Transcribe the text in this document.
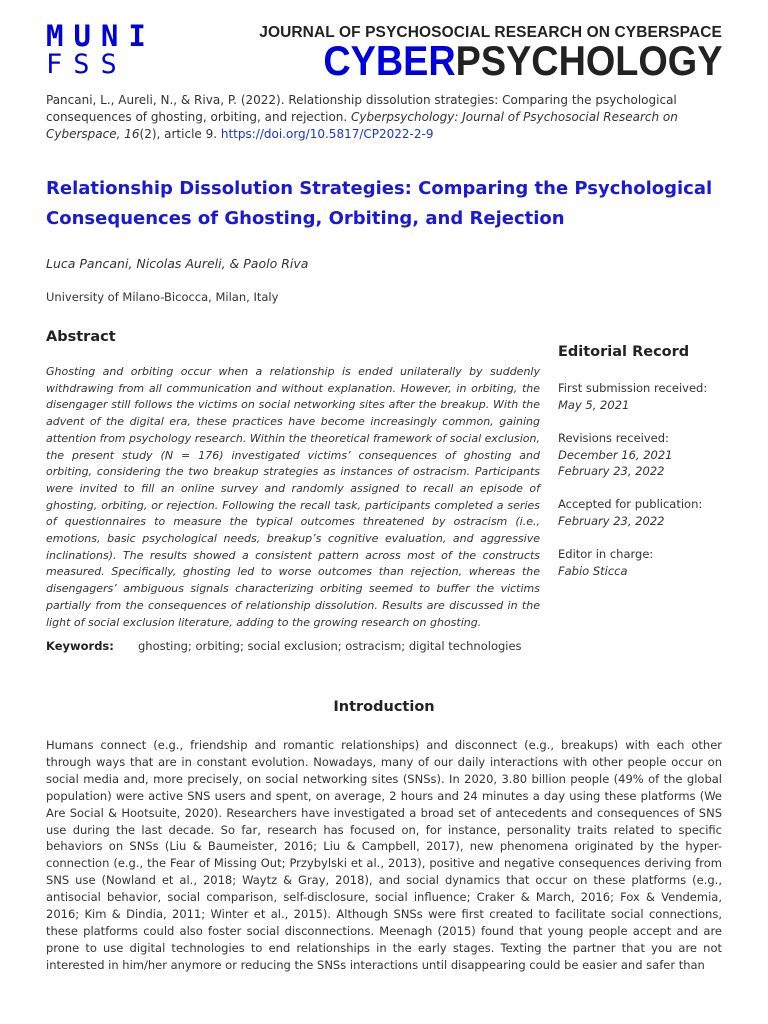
MUNI
FSS
JOURNAL OF PSYCHOSOCIAL RESEARCH ON CYBERSPACE
CYBERPSYCHOLOGY
Pancani, L., Aureli, N., & Riva, P. (2022). Relationship dissolution strategies: Comparing the psychological consequences of ghosting, orbiting, and rejection. Cyberpsychology: Journal of Psychosocial Research on Cyberspace, 16(2), article 9. https://doi.org/10.5817/CP2022-2-9
Relationship Dissolution Strategies: Comparing the Psychological Consequences of Ghosting, Orbiting, and Rejection
Luca Pancani, Nicolas Aureli, & Paolo Riva
University of Milano-Bicocca, Milan, Italy
Abstract
Ghosting and orbiting occur when a relationship is ended unilaterally by suddenly withdrawing from all communication and without explanation. However, in orbiting, the disengager still follows the victims on social networking sites after the breakup. With the advent of the digital era, these practices have become increasingly common, gaining attention from psychology research. Within the theoretical framework of social exclusion, the present study (N = 176) investigated victims’ consequences of ghosting and orbiting, considering the two breakup strategies as instances of ostracism. Participants were invited to fill an online survey and randomly assigned to recall an episode of ghosting, orbiting, or rejection. Following the recall task, participants completed a series of questionnaires to measure the typical outcomes threatened by ostracism (i.e., emotions, basic psychological needs, breakup’s cognitive evaluation, and aggressive inclinations). The results showed a consistent pattern across most of the constructs measured. Specifically, ghosting led to worse outcomes than rejection, whereas the disengagers’ ambiguous signals characterizing orbiting seemed to buffer the victims partially from the consequences of relationship dissolution. Results are discussed in the light of social exclusion literature, adding to the growing research on ghosting.
Keywords: ghosting; orbiting; social exclusion; ostracism; digital technologies
Editorial Record
First submission received:
May 5, 2021
Revisions received:
December 16, 2021
February 23, 2022
Accepted for publication:
February 23, 2022
Editor in charge:
Fabio Sticca
Introduction
Humans connect (e.g., friendship and romantic relationships) and disconnect (e.g., breakups) with each other through ways that are in constant evolution. Nowadays, many of our daily interactions with other people occur on social media and, more precisely, on social networking sites (SNSs). In 2020, 3.80 billion people (49% of the global population) were active SNS users and spent, on average, 2 hours and 24 minutes a day using these platforms (We Are Social & Hootsuite, 2020). Researchers have investigated a broad set of antecedents and consequences of SNS use during the last decade. So far, research has focused on, for instance, personality traits related to specific behaviors on SNSs (Liu & Baumeister, 2016; Liu & Campbell, 2017), new phenomena originated by the hyper-connection (e.g., the Fear of Missing Out; Przybylski et al., 2013), positive and negative consequences deriving from SNS use (Nowland et al., 2018; Waytz & Gray, 2018), and social dynamics that occur on these platforms (e.g., antisocial behavior, social comparison, self-disclosure, social influence; Craker & March, 2016; Fox & Vendemia, 2016; Kim & Dindia, 2011; Winter et al., 2015). Although SNSs were first created to facilitate social connections, these platforms could also foster social disconnections. Meenagh (2015) found that young people accept and are prone to use digital technologies to end relationships in the early stages. Texting the partner that you are not interested in him/her anymore or reducing the SNSs interactions until disappearing could be easier and safer than
